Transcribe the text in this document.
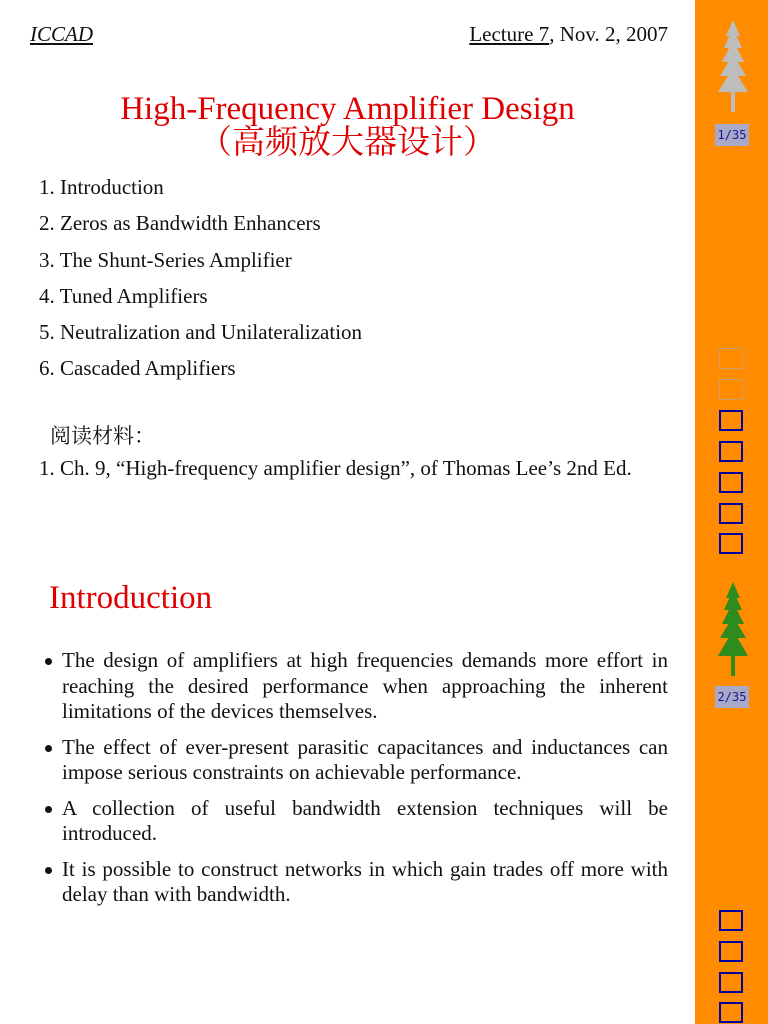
ICCAD	Lecture 7, Nov. 2, 2007
High-Frequency Amplifier Design
（高频放大器设计）
1. Introduction
2. Zeros as Bandwidth Enhancers
3. The Shunt-Series Amplifier
4. Tuned Amplifiers
5. Neutralization and Unilateralization
6. Cascaded Amplifiers
阅读材料：
1. Ch. 9, “High-frequency amplifier design”, of Thomas Lee’s 2nd Ed.
Introduction
The design of amplifiers at high frequencies demands more effort in reaching the desired performance when approaching the inherent limitations of the devices themselves.
The effect of ever-present parasitic capacitances and inductances can impose serious constraints on achievable performance.
A collection of useful bandwidth extension techniques will be introduced.
It is possible to construct networks in which gain trades off more with delay than with bandwidth.
1/35
2/35
